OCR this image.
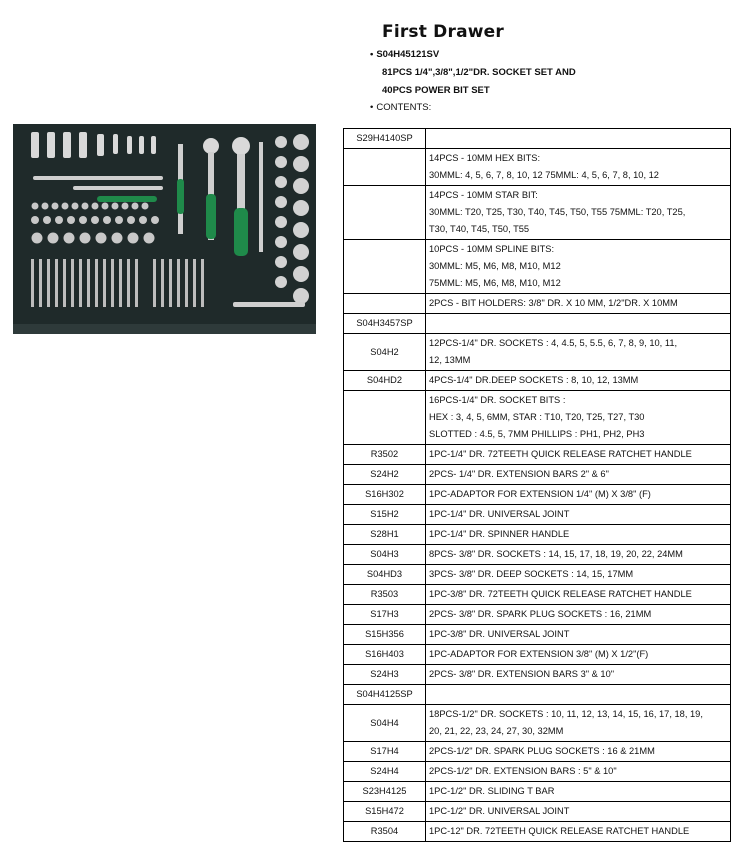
First Drawer
• S04H45121SV
81PCS 1/4",3/8",1/2"DR. SOCKET SET AND
40PCS POWER BIT SET
• CONTENTS:
S29H4140SP	

	14PCS - 10MM HEX BITS:
30MML: 4, 5, 6, 7, 8, 10, 12 75MML: 4, 5, 6, 7, 8, 10, 12

	14PCS - 10MM STAR BIT:
30MML: T20, T25, T30, T40, T45, T50, T55 75MML: T20, T25,
T30, T40, T45, T50, T55

	10PCS - 10MM SPLINE BITS:
30MML: M5, M6, M8, M10, M12
75MML: M5, M6, M8, M10, M12

	2PCS - BIT HOLDERS: 3/8" DR. X 10 MM, 1/2"DR. X 10MM

S04H3457SP	
S04H2	12PCS-1/4" DR. SOCKETS : 4, 4.5, 5, 5.5, 6, 7, 8, 9, 10, 11,
12, 13MM

S04HD2	4PCS-1/4" DR.DEEP SOCKETS : 8, 10, 12, 13MM

	16PCS-1/4" DR. SOCKET BITS :
HEX : 3, 4, 5, 6MM, STAR : T10, T20, T25, T27, T30
SLOTTED : 4.5, 5, 7MM PHILLIPS : PH1, PH2, PH3

R3502	1PC-1/4" DR. 72TEETH QUICK RELEASE RATCHET HANDLE

S24H2	2PCS- 1/4" DR. EXTENSION BARS 2" & 6"

S16H302	1PC-ADAPTOR FOR EXTENSION 1/4" (M) X 3/8" (F)

S15H2	1PC-1/4" DR. UNIVERSAL JOINT

S28H1	1PC-1/4" DR. SPINNER HANDLE

S04H3	8PCS- 3/8" DR. SOCKETS : 14, 15, 17, 18, 19, 20, 22, 24MM

S04HD3	3PCS- 3/8" DR. DEEP SOCKETS : 14, 15, 17MM

R3503	1PC-3/8" DR. 72TEETH QUICK RELEASE RATCHET HANDLE

S17H3	2PCS- 3/8" DR. SPARK PLUG SOCKETS : 16, 21MM

S15H356	1PC-3/8" DR. UNIVERSAL JOINT

S16H403	1PC-ADAPTOR FOR EXTENSION 3/8" (M) X 1/2"(F)

S24H3	2PCS- 3/8" DR. EXTENSION BARS 3" & 10"

S04H4125SP	
S04H4	18PCS-1/2" DR. SOCKETS : 10, 11, 12, 13, 14, 15, 16, 17, 18, 19,
20, 21, 22, 23, 24, 27, 30, 32MM

S17H4	2PCS-1/2" DR. SPARK PLUG SOCKETS : 16 & 21MM

S24H4	2PCS-1/2" DR. EXTENSION BARS : 5" & 10"

S23H4125	1PC-1/2" DR. SLIDING T BAR

S15H472	1PC-1/2" DR. UNIVERSAL JOINT

R3504	1PC-12" DR. 72TEETH QUICK RELEASE RATCHET HANDLE
